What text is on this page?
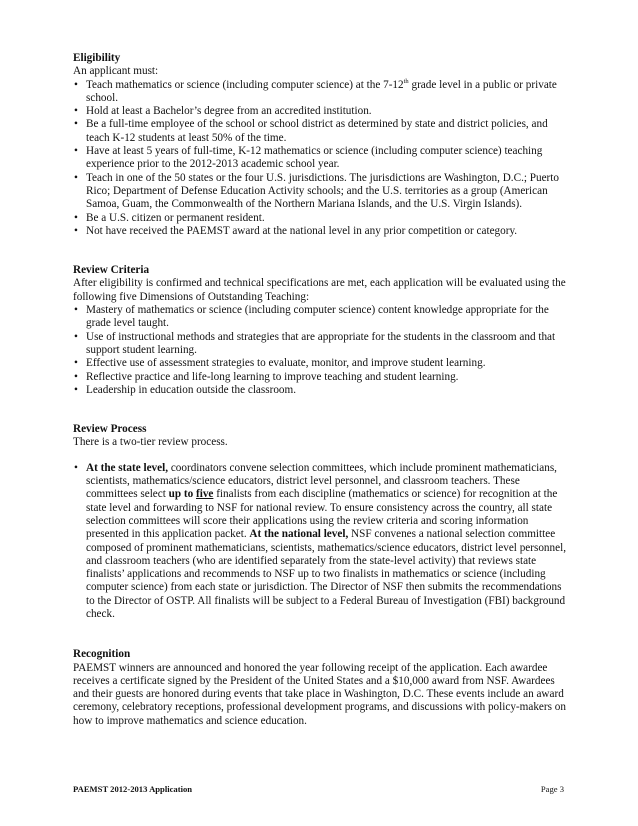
Eligibility

An applicant must:

• Teach mathematics or science (including computer science) at the 7-12th grade level in a public or private school.
• Hold at least a Bachelor’s degree from an accredited institution.
• Be a full-time employee of the school or school district as determined by state and district policies, and teach K-12 students at least 50% of the time.
• Have at least 5 years of full-time, K-12 mathematics or science (including computer science) teaching experience prior to the 2012-2013 academic school year.
• Teach in one of the 50 states or the four U.S. jurisdictions. The jurisdictions are Washington, D.C.; Puerto Rico; Department of Defense Education Activity schools; and the U.S. territories as a group (American Samoa, Guam, the Commonwealth of the Northern Mariana Islands, and the U.S. Virgin Islands).
• Be a U.S. citizen or permanent resident.
• Not have received the PAEMST award at the national level in any prior competition or category.
Review Criteria

After eligibility is confirmed and technical specifications are met, each application will be evaluated using the following five Dimensions of Outstanding Teaching:

• Mastery of mathematics or science (including computer science) content knowledge appropriate for the grade level taught.
• Use of instructional methods and strategies that are appropriate for the students in the classroom and that support student learning.
• Effective use of assessment strategies to evaluate, monitor, and improve student learning.
• Reflective practice and life-long learning to improve teaching and student learning.
• Leadership in education outside the classroom.
Review Process

There is a two-tier review process.

• At the state level, coordinators convene selection committees, which include prominent mathematicians, scientists, mathematics/science educators, district level personnel, and classroom teachers. These committees select up to five finalists from each discipline (mathematics or science) for recognition at the state level and forwarding to NSF for national review. To ensure consistency across the country, all state selection committees will score their applications using the review criteria and scoring information presented in this application packet. At the national level, NSF convenes a national selection committee composed of prominent mathematicians, scientists, mathematics/science educators, district level personnel, and classroom teachers (who are identified separately from the state-level activity) that reviews state finalists’ applications and recommends to NSF up to two finalists in mathematics or science (including computer science) from each state or jurisdiction. The Director of NSF then submits the recommendations to the Director of OSTP. All finalists will be subject to a Federal Bureau of Investigation (FBI) background check.
Recognition

PAEMST winners are announced and honored the year following receipt of the application. Each awardee receives a certificate signed by the President of the United States and a $10,000 award from NSF. Awardees and their guests are honored during events that take place in Washington, D.C. These events include an award ceremony, celebratory receptions, professional development programs, and discussions with policy-makers on how to improve mathematics and science education.

PAEMST 2012-2013 Application	Page 3
